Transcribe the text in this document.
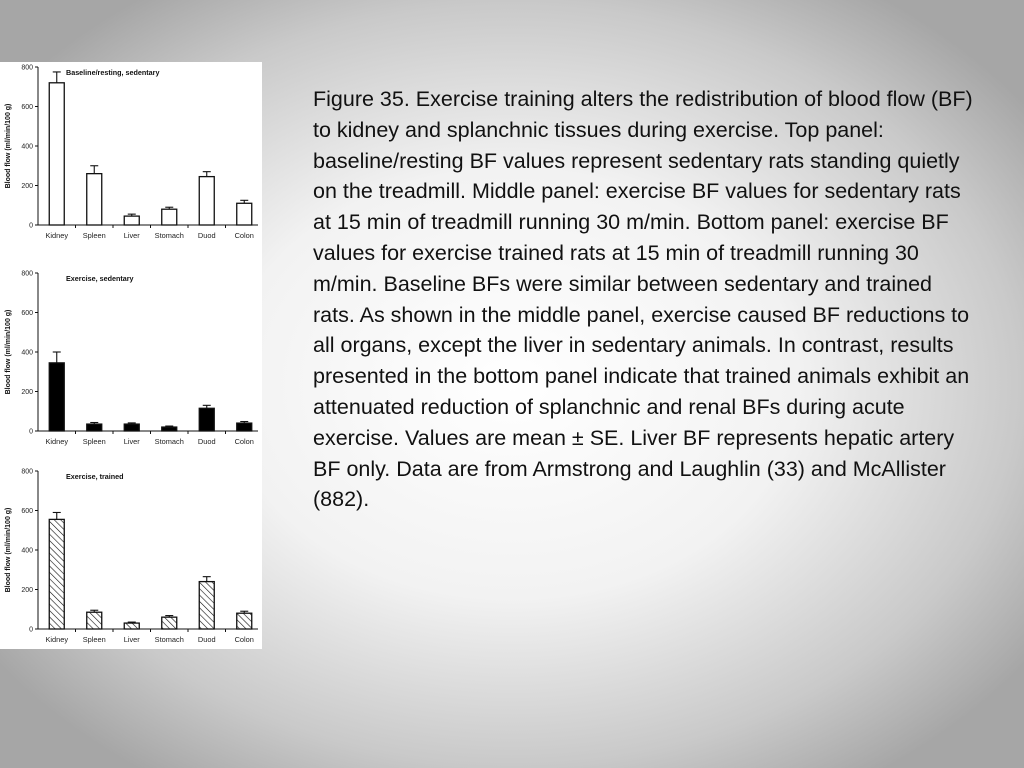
Baseline/resting, sedentary
Blood flow (ml/min/100 g)
0
200
400
600
800
Kidney Spleen Liver Stomach Duod	Colon
Exercise, sedentary
Blood flow (ml/min/100 g)
0
200
400
600
800
Kidney Spleen Liver Stomach Duod	Colon
Exercise, trained
Blood flow (ml/min/100 g)
0
200
400
600
800
Kidney Spleen Liver Stomach Duod	Colon

Figure 35. Exercise training alters the redistribution of blood flow (BF) to kidney and splanchnic tissues during exercise. Top panel: baseline/resting BF values represent sedentary rats standing quietly on the treadmill. Middle panel: exercise BF values for sedentary rats at 15 min of treadmill running 30 m/min. Bottom panel: exercise BF values for exercise trained rats at 15 min of treadmill running 30 m/min. Baseline BFs were similar between sedentary and trained rats. As shown in the middle panel, exercise caused BF reductions to all organs, except the liver in sedentary animals. In contrast, results presented in the bottom panel indicate that trained animals exhibit an attenuated reduction of splanchnic and renal BFs during acute exercise. Values are mean ± SE. Liver BF represents hepatic artery BF only. Data are from Armstrong and Laughlin (33) and McAllister (882).
